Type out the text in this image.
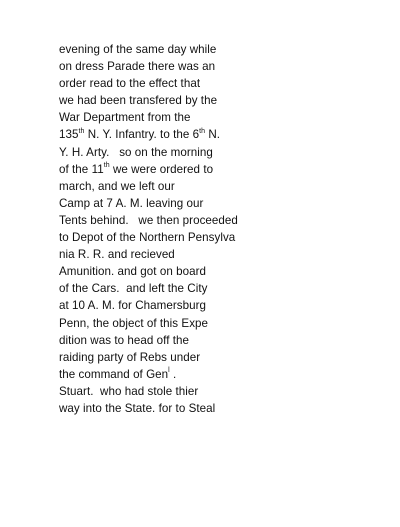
evening of the same day while
on dress Parade there was an
order read to the effect that
we had been transfered by the
War Department from the
135th N. Y. Infantry. to the 6th N.
Y. H. Arty.   so on the morning
of the 11th we were ordered to
march, and we left our
Camp at 7 A. M. leaving our
Tents behind.   we then proceeded
to Depot of the Northern Pensylva
nia R. R. and recieved
Amunition. and got on board
of the Cars.  and left the City
at 10 A. M. for Chamersburg
Penn, the object of this Expe
dition was to head off the
raiding party of Rebs under
the command of Gen$^l$ .
Stuart.  who had stole thier
way into the State. for to Steal
